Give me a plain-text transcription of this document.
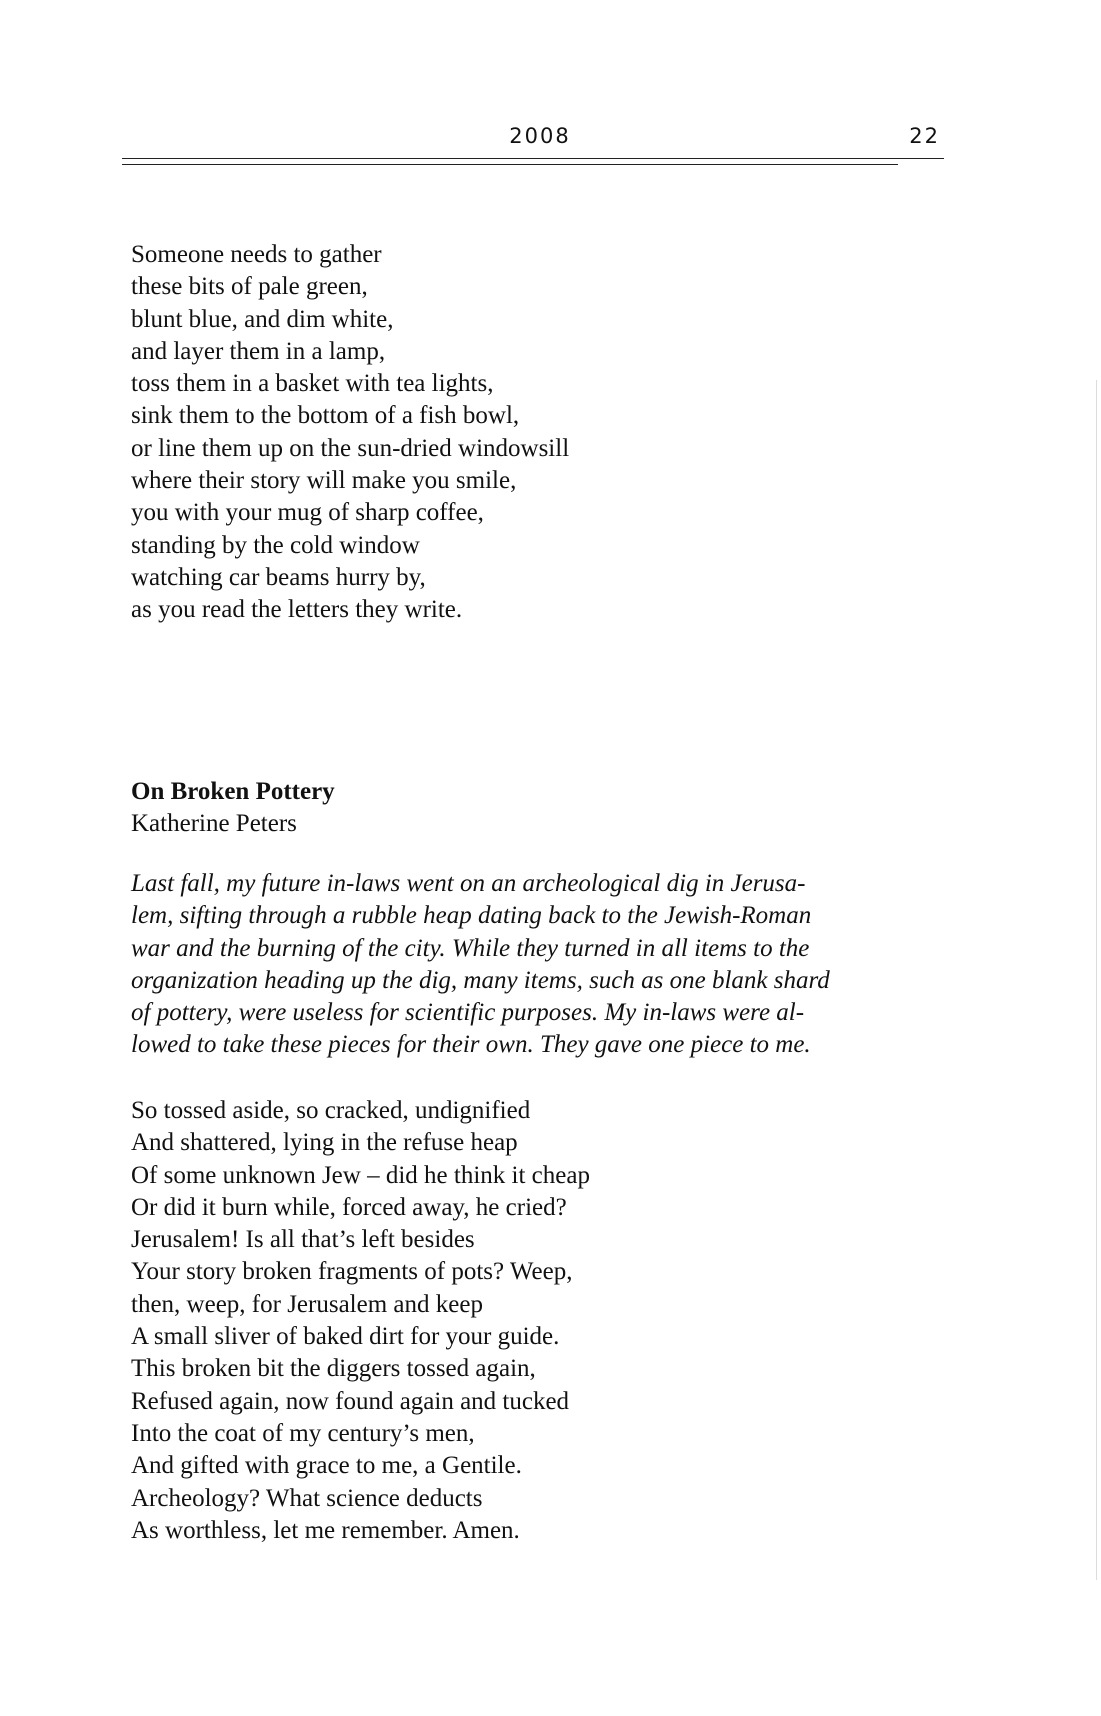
2008	22
Someone needs to gather
these bits of pale green,
blunt blue, and dim white,
and layer them in a lamp,
toss them in a basket with tea lights,
sink them to the bottom of a fish bowl,
or line them up on the sun-dried windowsill
where their story will make you smile,
you with your mug of sharp coffee,
standing by the cold window
watching car beams hurry by,
as you read the letters they write.
On Broken Pottery
Katherine Peters
Last fall, my future in-laws went on an archeological dig in Jerusa-
lem, sifting through a rubble heap dating back to the Jewish-Roman
war and the burning of the city. While they turned in all items to the
organization heading up the dig, many items, such as one blank shard
of pottery, were useless for scientific purposes. My in-laws were al-
lowed to take these pieces for their own. They gave one piece to me.
So tossed aside, so cracked, undignified
And shattered, lying in the refuse heap
Of some unknown Jew – did he think it cheap
Or did it burn while, forced away, he cried?
Jerusalem! Is all that’s left besides
Your story broken fragments of pots? Weep,
then, weep, for Jerusalem and keep
A small sliver of baked dirt for your guide.
This broken bit the diggers tossed again,
Refused again, now found again and tucked
Into the coat of my century’s men,
And gifted with grace to me, a Gentile.
Archeology? What science deducts
As worthless, let me remember. Amen.
